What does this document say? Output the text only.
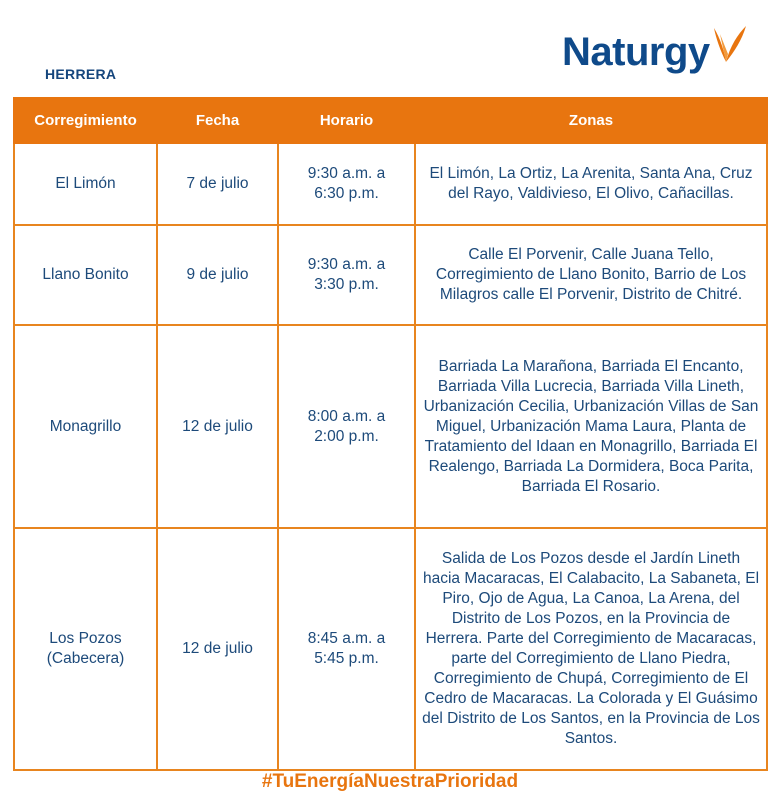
HERRERA	Naturgy
Corregimiento	Fecha	Horario	Zonas
El Limón	7 de julio	9:30 a.m. a 6:30 p.m.	El Limón, La Ortiz, La Arenita, Santa Ana, Cruz del Rayo, Valdivieso, El Olivo, Cañacillas.
Llano Bonito	9 de julio	9:30 a.m. a 3:30 p.m.	Calle El Porvenir, Calle Juana Tello, Corregimiento de Llano Bonito, Barrio de Los Milagros calle El Porvenir, Distrito de Chitré.
Monagrillo	12 de julio	8:00 a.m. a 2:00 p.m.	Barriada La Marañona, Barriada El Encanto, Barriada Villa Lucrecia, Barriada Villa Lineth, Urbanización Cecilia, Urbanización Villas de San Miguel, Urbanización Mama Laura, Planta de Tratamiento del Idaan en Monagrillo, Barriada El Realengo, Barriada La Dormidera, Boca Parita, Barriada El Rosario.
Los Pozos (Cabecera)	12 de julio	8:45 a.m. a 5:45 p.m.	Salida de Los Pozos desde el Jardín Lineth hacia Macaracas, El Calabacito, La Sabaneta, El Piro, Ojo de Agua, La Canoa, La Arena, del Distrito de Los Pozos, en la Provincia de Herrera. Parte del Corregimiento de Macaracas, parte del Corregimiento de Llano Piedra, Corregimiento de Chupá, Corregimiento de El Cedro de Macaracas. La Colorada y El Guásimo del Distrito de Los Santos, en la Provincia de Los Santos.
#TuEnergíaNuestraPrioridad
